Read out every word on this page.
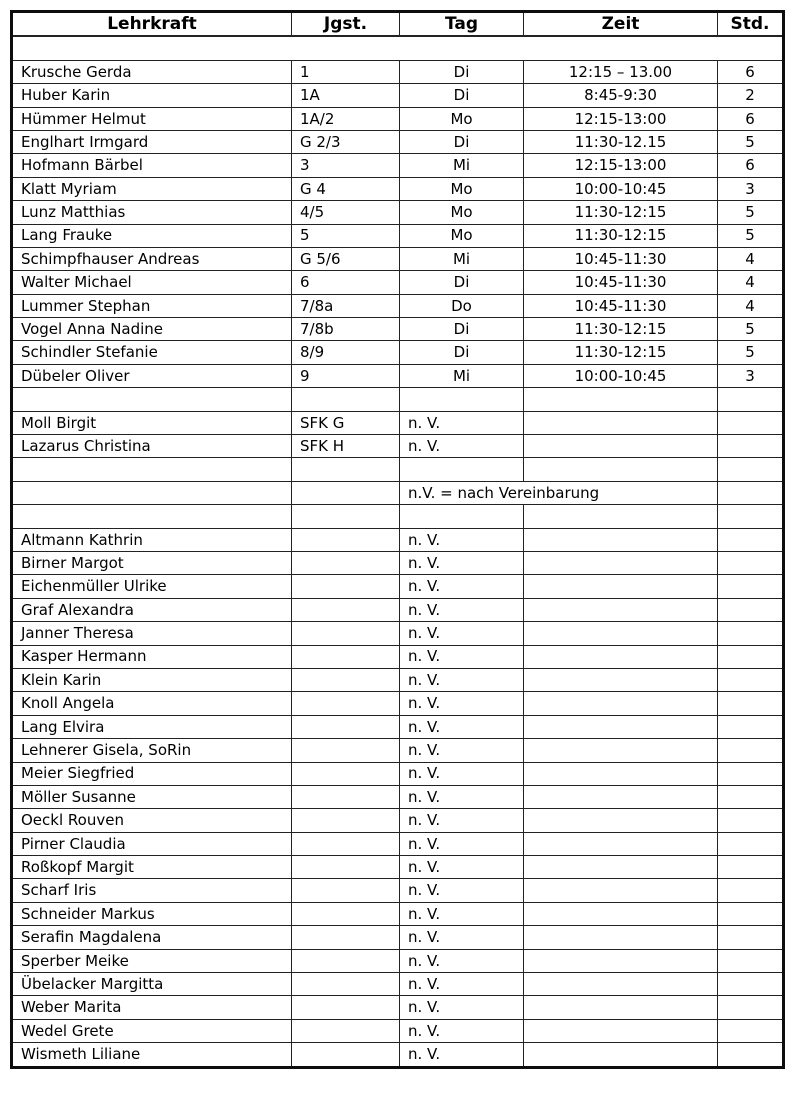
Lehrkraft	Jgst.	Tag	Zeit	Std.

Krusche Gerda	1	Di	12:15 – 13.00	6
Huber Karin	1A	Di	8:45-9:30	2
Hümmer Helmut	1A/2	Mo	12:15-13:00	6
Englhart Irmgard	G 2/3	Di	11:30-12.15	5
Hofmann Bärbel	3	Mi	12:15-13:00	6
Klatt Myriam	G 4	Mo	10:00-10:45	3
Lunz Matthias	4/5	Mo	11:30-12:15	5
Lang Frauke	5	Mo	11:30-12:15	5
Schimpfhauser Andreas	G 5/6	Mi	10:45-11:30	4
Walter Michael	6	Di	10:45-11:30	4
Lummer Stephan	7/8a	Do	10:45-11:30	4
Vogel Anna Nadine	7/8b	Di	11:30-12:15	5
Schindler Stefanie	8/9	Di	11:30-12:15	5
Dübeler Oliver	9	Mi	10:00-10:45	3

Moll Birgit	SFK G	n. V.		
Lazarus Christina	SFK H	n. V.		

		n.V. = nach Vereinbarung		

Altmann Kathrin		n. V.		
Birner Margot		n. V.		
Eichenmüller Ulrike		n. V.		
Graf Alexandra		n. V.		
Janner Theresa		n. V.		
Kasper Hermann		n. V.		
Klein Karin		n. V.		
Knoll Angela		n. V.		
Lang Elvira		n. V.		
Lehnerer Gisela, SoRin		n. V.		
Meier Siegfried		n. V.		
Möller Susanne		n. V.		
Oeckl Rouven		n. V.		
Pirner Claudia		n. V.		
Roßkopf Margit		n. V.		
Scharf Iris		n. V.		
Schneider Markus		n. V.		
Serafin Magdalena		n. V.		
Sperber Meike		n. V.		
Übelacker Margitta		n. V.		
Weber Marita		n. V.		
Wedel Grete		n. V.		
Wismeth Liliane		n. V.		
